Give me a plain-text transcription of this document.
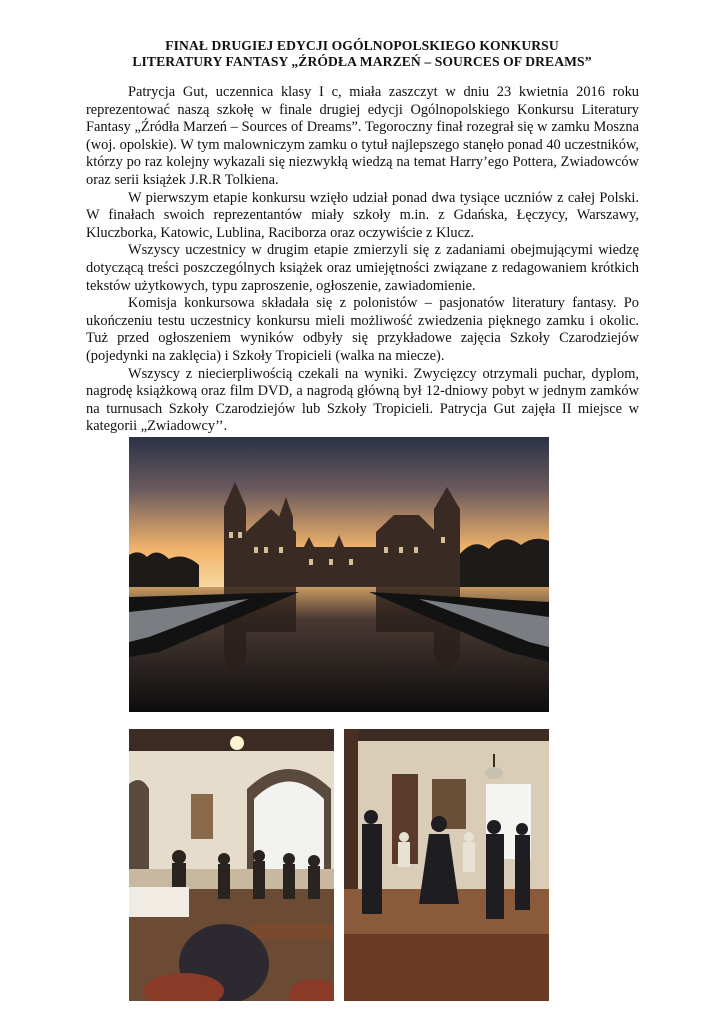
FINAŁ DRUGIEJ EDYCJI OGÓLNOPOLSKIEGO KONKURSU
LITERATURY FANTASY „ŹRÓDŁA MARZEŃ – SOURCES OF DREAMS”

Patrycja Gut, uczennica klasy I c, miała zaszczyt w dniu 23 kwietnia 2016 roku reprezentować naszą szkołę w finale drugiej edycji Ogólnopolskiego Konkursu Literatury Fantasy „Źródła Marzeń – Sources of Dreams”. Tegoroczny finał rozegrał się w zamku Moszna (woj. opolskie). W tym malowniczym zamku o tytuł najlepszego stanęło ponad 40 uczestników, którzy po raz kolejny wykazali się niezwykłą wiedzą na temat Harry’ego Pottera, Zwiadowców oraz serii książek J.R.R Tolkiena.

W pierwszym etapie konkursu wzięło udział ponad dwa tysiące uczniów z całej Polski. W finałach swoich reprezentantów miały szkoły m.in. z Gdańska, Łęczycy, Warszawy, Kluczborka, Katowic, Lublina, Raciborza oraz oczywiście z Klucz.

Wszyscy uczestnicy w drugim etapie zmierzyli się z zadaniami obejmującymi wiedzę dotyczącą treści poszczególnych książek oraz umiejętności związane z redagowaniem krótkich tekstów użytkowych, typu zaproszenie, ogłoszenie, zawiadomienie.

Komisja konkursowa składała się z polonistów – pasjonatów literatury fantasy. Po ukończeniu testu uczestnicy konkursu mieli możliwość zwiedzenia pięknego zamku i okolic. Tuż przed ogłoszeniem wyników odbyły się przykładowe zajęcia Szkoły Czarodziejów (pojedynki na zaklęcia) i Szkoły Tropicieli (walka na miecze).

Wszyscy z niecierpliwością czekali na wyniki. Zwycięzcy otrzymali puchar, dyplom, nagrodę książkową oraz film DVD, a nagrodą główną był 12-dniowy pobyt w jednym zamków na turnusach Szkoły Czarodziejów lub Szkoły Tropicieli. Patrycja Gut zajęła II miejsce w kategorii „Zwiadowcy’’.
